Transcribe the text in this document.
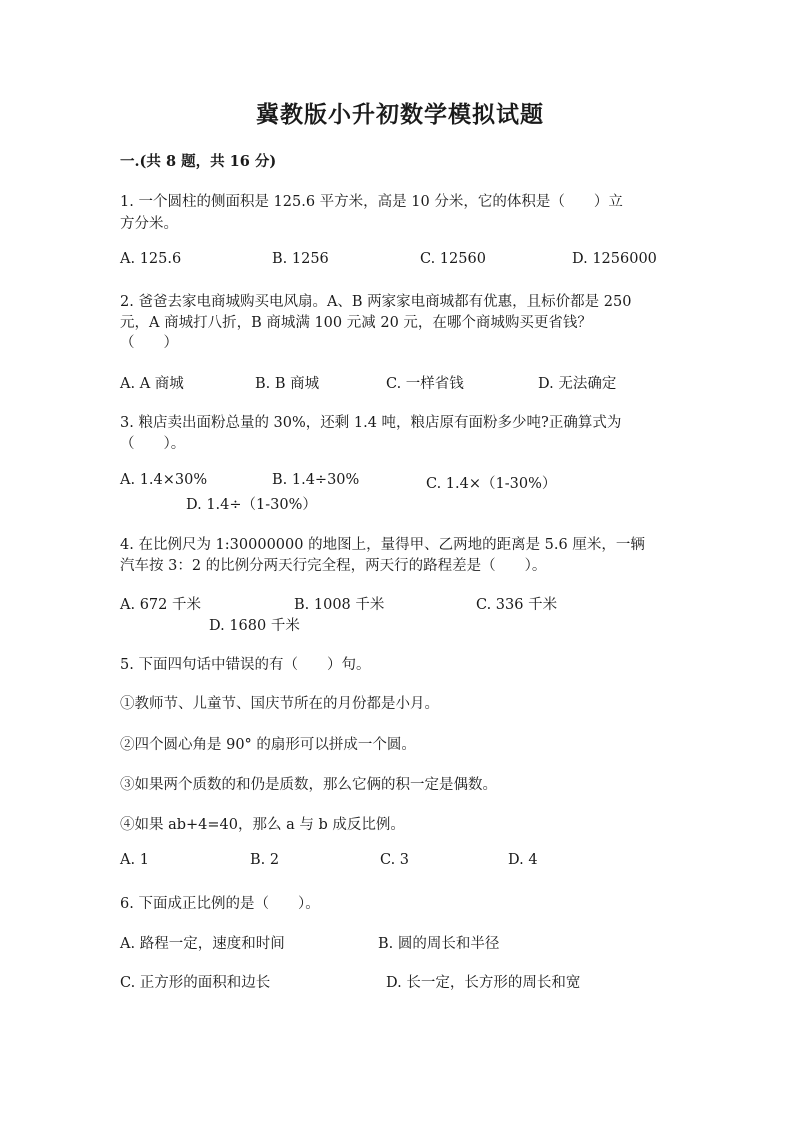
冀教版小升初数学模拟试题
一.(共 8 题，共 16 分)
1. 一个圆柱的侧面积是 125.6 平方米，高是 10 分米，它的体积是（　　）立
方分米。
A. 125.6	B. 1256	C. 12560	D. 1256000
2. 爸爸去家电商城购买电风扇。A、B 两家家电商城都有优惠，且标价都是 250
元，A 商城打八折，B 商城满 100 元减 20 元，在哪个商城购买更省钱？
（　　）
A. A 商城	B. B 商城	C. 一样省钱	D. 无法确定
3. 粮店卖出面粉总量的 30%，还剩 1.4 吨，粮店原有面粉多少吨?正确算式为
（　　）。
A. 1.4×30%	B. 1.4÷30%	C. 1.4×（1-30%）
D. 1.4÷（1-30%）
4. 在比例尺为 1:30000000 的地图上，量得甲、乙两地的距离是 5.6 厘米，一辆
汽车按 3：2 的比例分两天行完全程，两天行的路程差是（　　）。
A. 672 千米	B. 1008 千米	C. 336 千米
D. 1680 千米
5. 下面四句话中错误的有（　　）句。
①教师节、儿童节、国庆节所在的月份都是小月。
②四个圆心角是 90° 的扇形可以拼成一个圆。
③如果两个质数的和仍是质数，那么它俩的积一定是偶数。
④如果 ab+4=40，那么 a 与 b 成反比例。
A. 1	B. 2	C. 3	D. 4
6. 下面成正比例的是（　　）。
A. 路程一定，速度和时间	B. 圆的周长和半径
C. 正方形的面积和边长	D. 长一定，长方形的周长和宽
